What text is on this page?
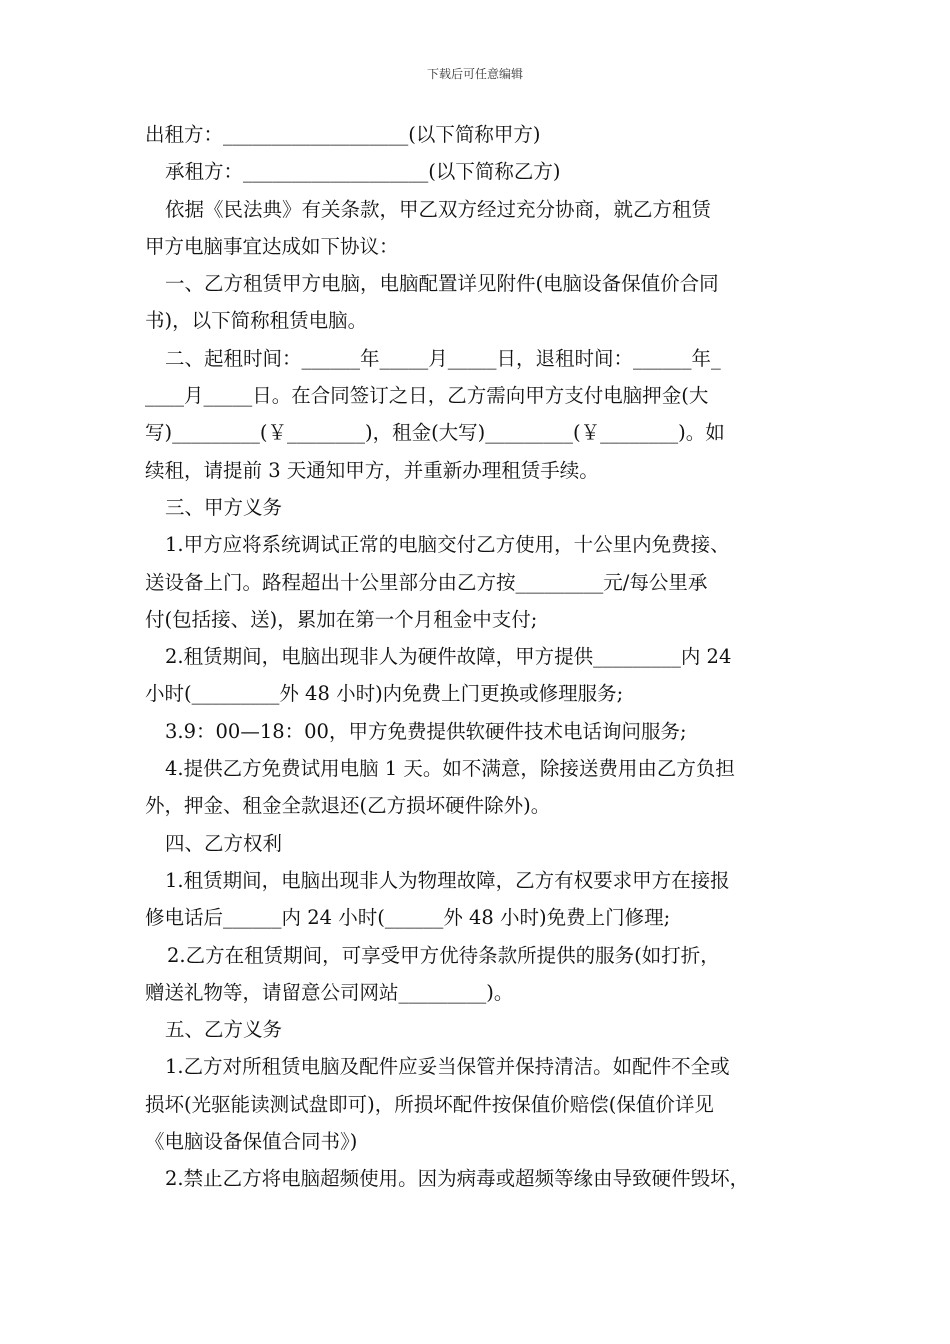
下载后可任意编辑
出租方：___________________(以下简称甲方)
承租方：___________________(以下简称乙方)
依据《民法典》有关条款，甲乙双方经过充分协商，就乙方租赁
甲方电脑事宜达成如下协议：
一、乙方租赁甲方电脑，电脑配置详见附件(电脑设备保值价合同
书)，以下简称租赁电脑。
二、起租时间：______年_____月_____日，退租时间：______年_
____月_____日。在合同签订之日，乙方需向甲方支付电脑押金(大
写)_________(￥________)，租金(大写)_________(￥________)。如
续租，请提前 3 天通知甲方，并重新办理租赁手续。
三、甲方义务
1.甲方应将系统调试正常的电脑交付乙方使用，十公里内免费接、
送设备上门。路程超出十公里部分由乙方按_________元/每公里承
付(包括接、送)，累加在第一个月租金中支付;
2.租赁期间，电脑出现非人为硬件故障，甲方提供_________内 24
小时(_________外 48 小时)内免费上门更换或修理服务;
3.9：00—18：00，甲方免费提供软硬件技术电话询问服务;
4.提供乙方免费试用电脑 1 天。如不满意，除接送费用由乙方负担
外，押金、租金全款退还(乙方损坏硬件除外)。
四、乙方权利
1.租赁期间，电脑出现非人为物理故障，乙方有权要求甲方在接报
修电话后______内 24 小时(______外 48 小时)免费上门修理;
2.乙方在租赁期间，可享受甲方优待条款所提供的服务(如打折，
赠送礼物等，请留意公司网站_________)。
五、乙方义务
1.乙方对所租赁电脑及配件应妥当保管并保持清洁。如配件不全或
损坏(光驱能读测试盘即可)，所损坏配件按保值价赔偿(保值价详见
《电脑设备保值合同书》)
2.禁止乙方将电脑超频使用。因为病毒或超频等缘由导致硬件毁坏，
